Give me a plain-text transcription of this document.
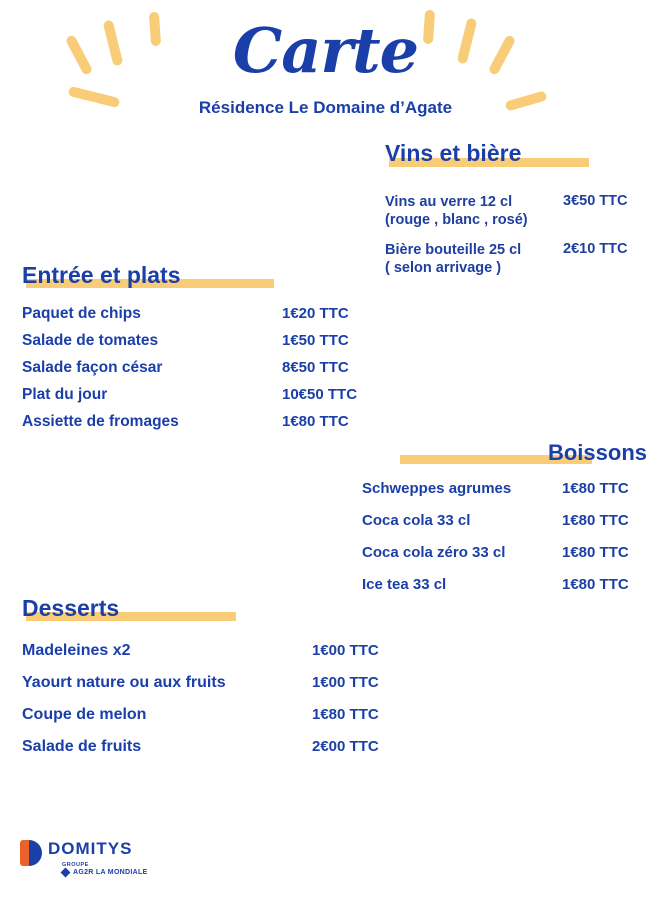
Carte
Résidence Le Domaine d’Agate
Vins et bière
Vins au verre 12 cl
(rouge , blanc , rosé)
3€50 TTC
Bière bouteille 25 cl
( selon arrivage )
2€10 TTC
Entrée et plats
Paquet de chips	1€20 TTC
Salade de tomates	1€50 TTC
Salade façon césar	8€50 TTC
Plat du jour	10€50 TTC
Assiette de fromages	1€80 TTC
Boissons
Schweppes agrumes	1€80 TTC
Coca cola 33 cl	1€80 TTC
Coca cola zéro 33 cl	1€80 TTC
Ice tea 33 cl	1€80 TTC
Desserts
Madeleines x2	1€00 TTC
Yaourt nature ou aux fruits	1€00 TTC
Coupe de melon	1€80 TTC
Salade de fruits	2€00 TTC
DOMITYS
GROUPE
AG2R LA MONDIALE
